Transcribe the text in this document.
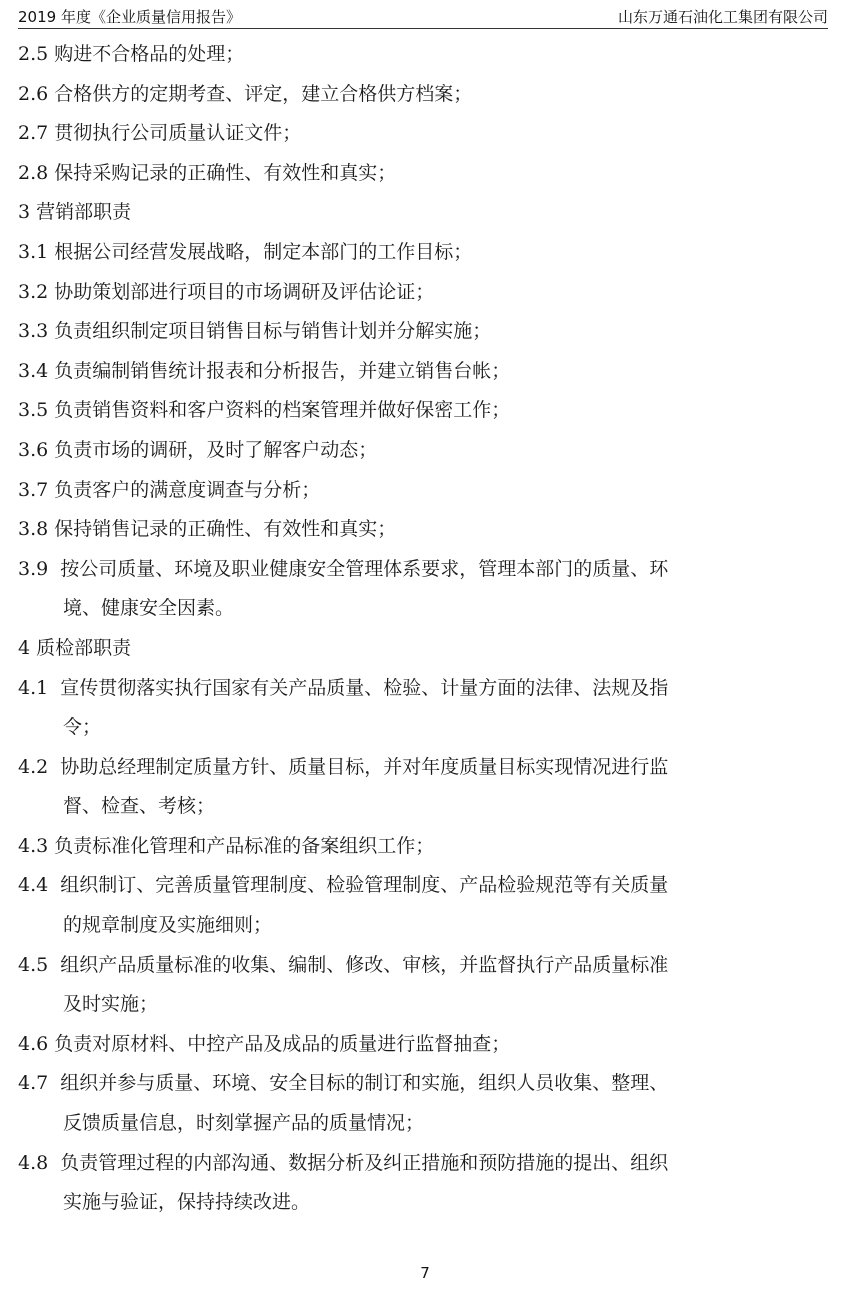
2019 年度《企业质量信用报告》	山东万通石油化工集团有限公司
2.5 购进不合格品的处理；
2.6 合格供方的定期考查、评定，建立合格供方档案；
2.7 贯彻执行公司质量认证文件；
2.8 保持采购记录的正确性、有效性和真实；
3 营销部职责
3.1 根据公司经营发展战略，制定本部门的工作目标；
3.2 协助策划部进行项目的市场调研及评估论证；
3.3 负责组织制定项目销售目标与销售计划并分解实施；
3.4 负责编制销售统计报表和分析报告，并建立销售台帐；
3.5 负责销售资料和客户资料的档案管理并做好保密工作；
3.6 负责市场的调研，及时了解客户动态；
3.7 负责客户的满意度调查与分析；
3.8 保持销售记录的正确性、有效性和真实；
3.9 按公司质量、环境及职业健康安全管理体系要求，管理本部门的质量、环
境、健康安全因素。
4 质检部职责
4.1 宣传贯彻落实执行国家有关产品质量、检验、计量方面的法律、法规及指
令；
4.2 协助总经理制定质量方针、质量目标，并对年度质量目标实现情况进行监
督、检查、考核；
4.3 负责标准化管理和产品标准的备案组织工作；
4.4 组织制订、完善质量管理制度、检验管理制度、产品检验规范等有关质量
的规章制度及实施细则；
4.5 组织产品质量标准的收集、编制、修改、审核，并监督执行产品质量标准
及时实施；
4.6 负责对原材料、中控产品及成品的质量进行监督抽查；
4.7 组织并参与质量、环境、安全目标的制订和实施，组织人员收集、整理、
反馈质量信息，时刻掌握产品的质量情况；
4.8 负责管理过程的内部沟通、数据分析及纠正措施和预防措施的提出、组织
实施与验证，保持持续改进。
7
